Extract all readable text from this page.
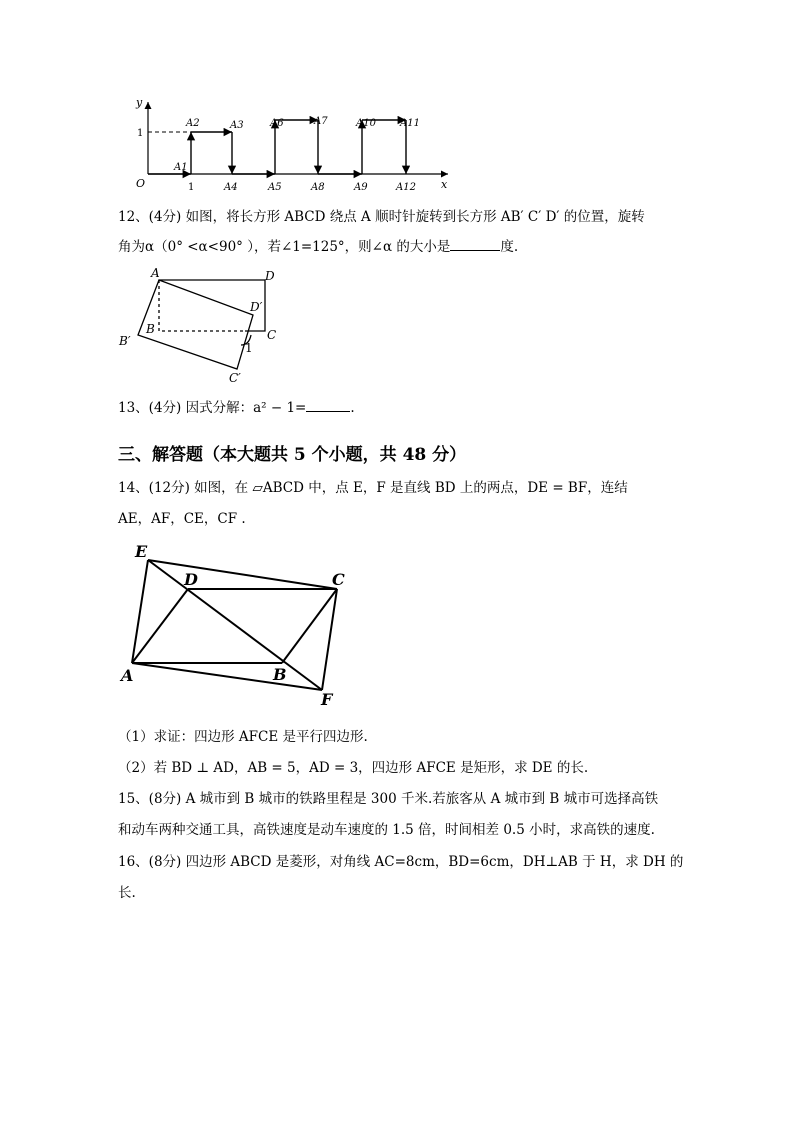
y
x
O
1
1
A1
A2	A3
A4	A5
A6	A7
A8	A9
A10 A11
A12
12、(4分) 如图，将长方形 ABCD 绕点 A 顺时针旋转到长方形 AB′ C′ D′ 的位置，旋转
角为α（0° <α<90° ），若∠1=125°，则∠α 的大小是	度.
A	D
D′
B	C
B′
C′
1
13、(4分) 因式分解：a² − 1=	.
三、解答题（本大题共 5 个小题，共 48 分）
14、(12分) 如图，在 ▱ABCD 中，点 E，F 是直线 BD 上的两点，DE = BF，连结
AE，AF，CE，CF .
E
D	C
A	B
F
（1）求证：四边形 AFCE 是平行四边形.
（2）若 BD ⊥ AD，AB = 5，AD = 3，四边形 AFCE 是矩形，求 DE 的长.
15、(8分) A 城市到 B 城市的铁路里程是 300 千米.若旅客从 A 城市到 B 城市可选择高铁
和动车两种交通工具，高铁速度是动车速度的 1.5 倍，时间相差 0.5 小时，求高铁的速度.
16、(8分) 四边形 ABCD 是菱形，对角线 AC=8cm，BD=6cm，DH⊥AB 于 H，求 DH 的
长.
